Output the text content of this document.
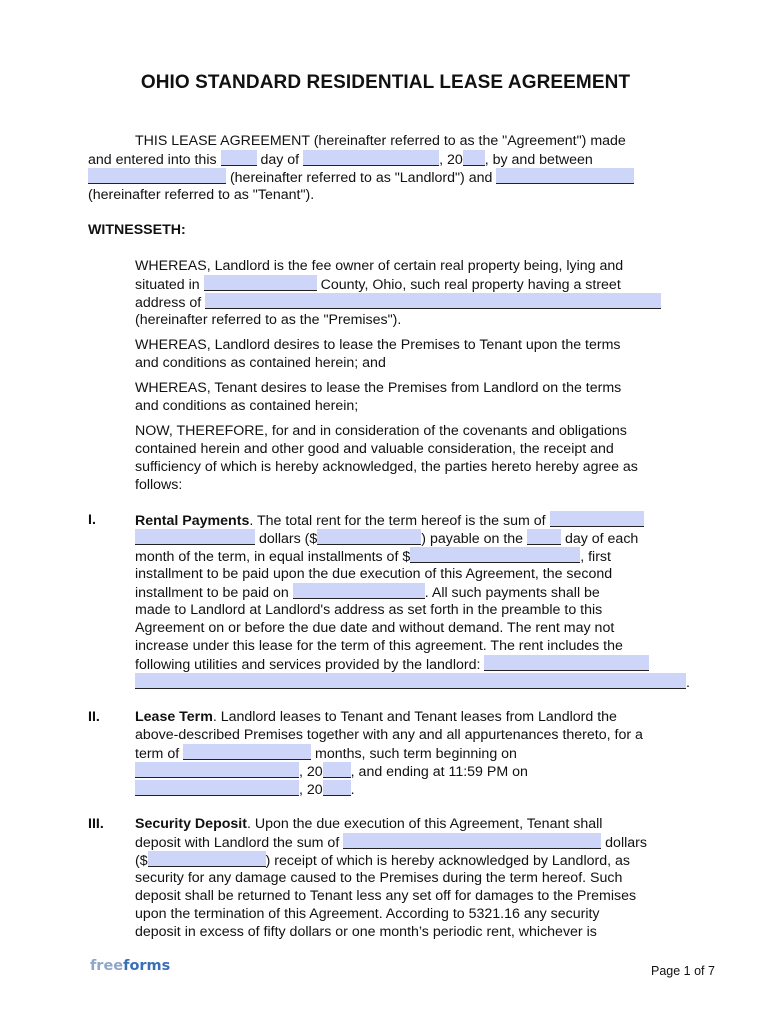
OHIO STANDARD RESIDENTIAL LEASE AGREEMENT
THIS LEASE AGREEMENT (hereinafter referred to as the "Agreement") made
and entered into this	day of	, 20 , by and between
(hereinafter referred to as "Landlord") and
(hereinafter referred to as "Tenant").
WITNESSETH:
WHEREAS, Landlord is the fee owner of certain real property being, lying and
situated in	County, Ohio, such real property having a street
address of
(hereinafter referred to as the "Premises").
WHEREAS, Landlord desires to lease the Premises to Tenant upon the terms
and conditions as contained herein; and
WHEREAS, Tenant desires to lease the Premises from Landlord on the terms
and conditions as contained herein;
NOW, THEREFORE, for and in consideration of the covenants and obligations
contained herein and other good and valuable consideration, the receipt and
sufficiency of which is hereby acknowledged, the parties hereto hereby agree as
follows:
I.	Rental Payments. The total rent for the term hereof is the sum of
dollars ($	) payable on the  day of each
month of the term, in equal installments of $	, first
installment to be paid upon the due execution of this Agreement, the second
installment to be paid on	. All such payments shall be
made to Landlord at Landlord's address as set forth in the preamble to this
Agreement on or before the due date and without demand. The rent may not
increase under this lease for the term of this agreement. The rent includes the
following utilities and services provided by the landlord:
.
II. Lease Term. Landlord leases to Tenant and Tenant leases from Landlord the
above-described Premises together with any and all appurtenances thereto, for a
term of	months, such term beginning on
, 20 , and ending at 11:59 PM on
, 20 .
III. Security Deposit. Upon the due execution of this Agreement, Tenant shall
deposit with Landlord the sum of	dollars
($	) receipt of which is hereby acknowledged by Landlord, as
security for any damage caused to the Premises during the term hereof. Such
deposit shall be returned to Tenant less any set off for damages to the Premises
upon the termination of this Agreement. According to 5321.16 any security
deposit in excess of fifty dollars or one month’s periodic rent, whichever is
freeforms	Page 1 of 7
